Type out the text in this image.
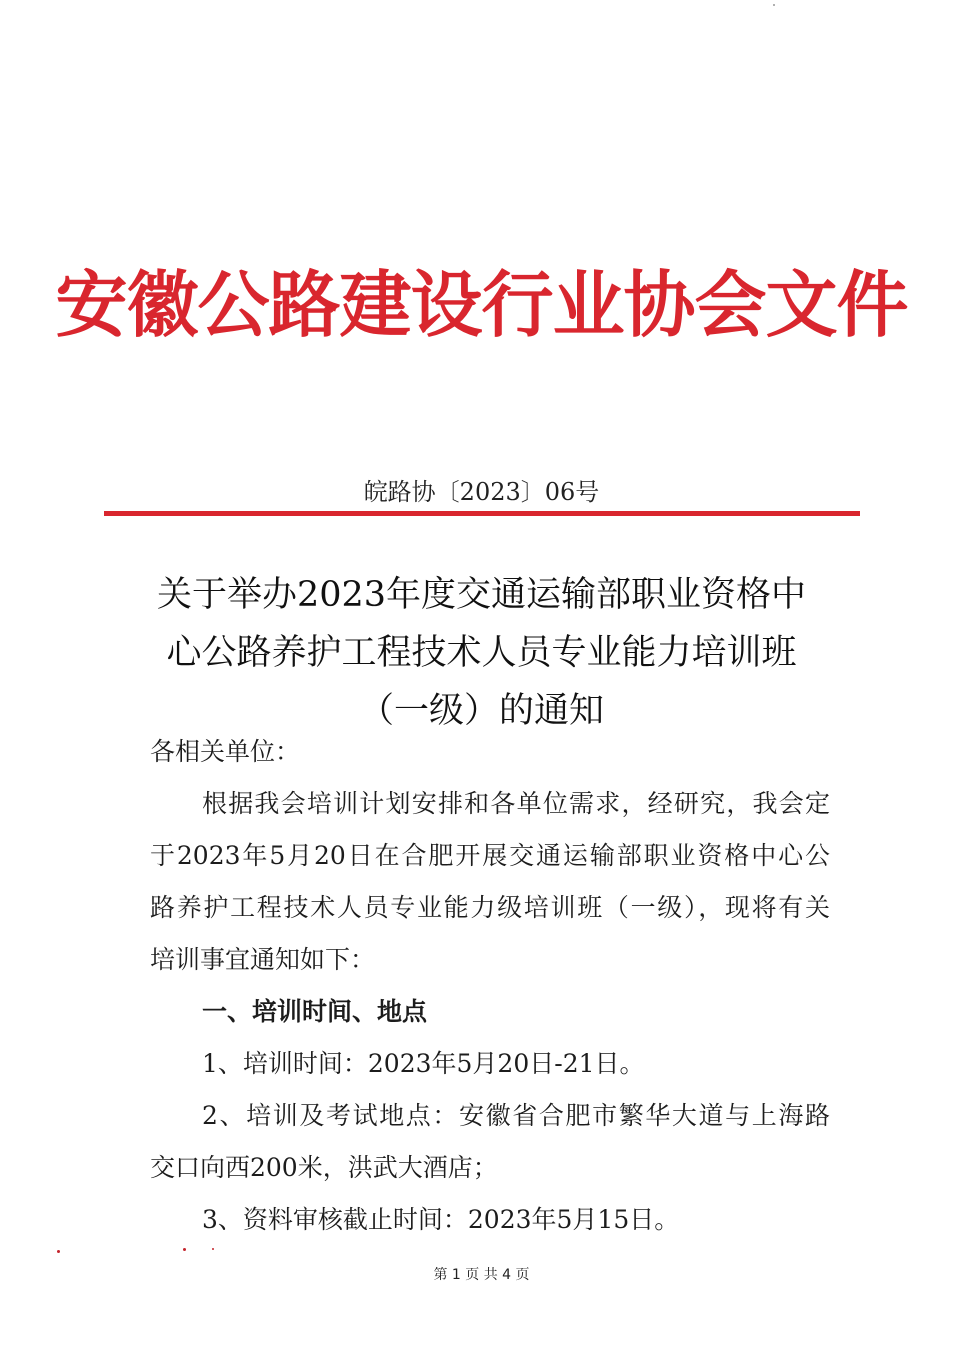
安徽公路建设行业协会文件
皖路协〔2023〕06号
关于举办2023年度交通运输部职业资格中
心公路养护工程技术人员专业能力培训班
（一级）的通知
各相关单位：
根据我会培训计划安排和各单位需求，经研究，我会定
于2023年5月20日在合肥开展交通运输部职业资格中心公
路养护工程技术人员专业能力级培训班（一级），现将有关
培训事宜通知如下：
一、培训时间、地点
1、培训时间：2023年5月20日-21日。
2、培训及考试地点：安徽省合肥市繁华大道与上海路
交口向西200米，洪武大酒店；
3、资料审核截止时间：2023年5月15日。
第 1 页 共 4 页
